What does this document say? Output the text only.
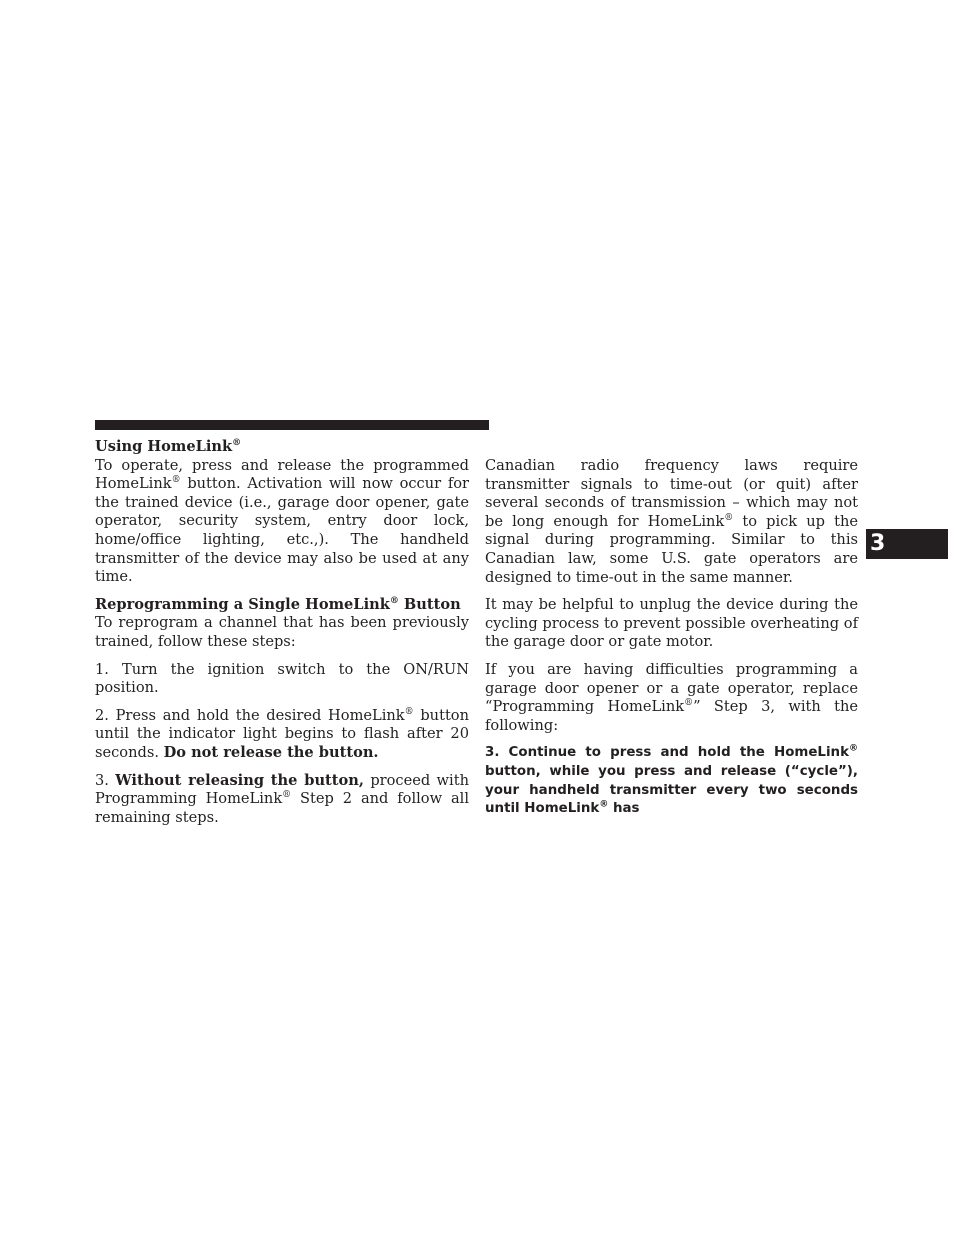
Using HomeLink®

To operate, press and release the programmed HomeLink® button. Activation will now occur for the trained device (i.e., garage door opener, gate operator, security system, entry door lock, home/office lighting, etc.,). The handheld transmitter of the device may also be used at any time.

Reprogramming a Single HomeLink® Button

To reprogram a channel that has been previously trained, follow these steps:

1. Turn the ignition switch to the ON/RUN position.

2. Press and hold the desired HomeLink® button until the indicator light begins to flash after 20 seconds. Do not release the button.

3. Without releasing the button, proceed with Programming HomeLink® Step 2 and follow all remaining steps.

Canadian radio frequency laws require transmitter signals to time-out (or quit) after several seconds of transmission – which may not be long enough for HomeLink® to pick up the signal during programming. Similar to this Canadian law, some U.S. gate operators are designed to time-out in the same manner.

It may be helpful to unplug the device during the cycling process to prevent possible overheating of the garage door or gate motor.

If you are having difficulties programming a garage door opener or a gate operator, replace “Programming HomeLink®” Step 3, with the following:

3. Continue to press and hold the HomeLink® button, while you press and release (“cycle”), your handheld transmitter every two seconds until HomeLink® has

3
